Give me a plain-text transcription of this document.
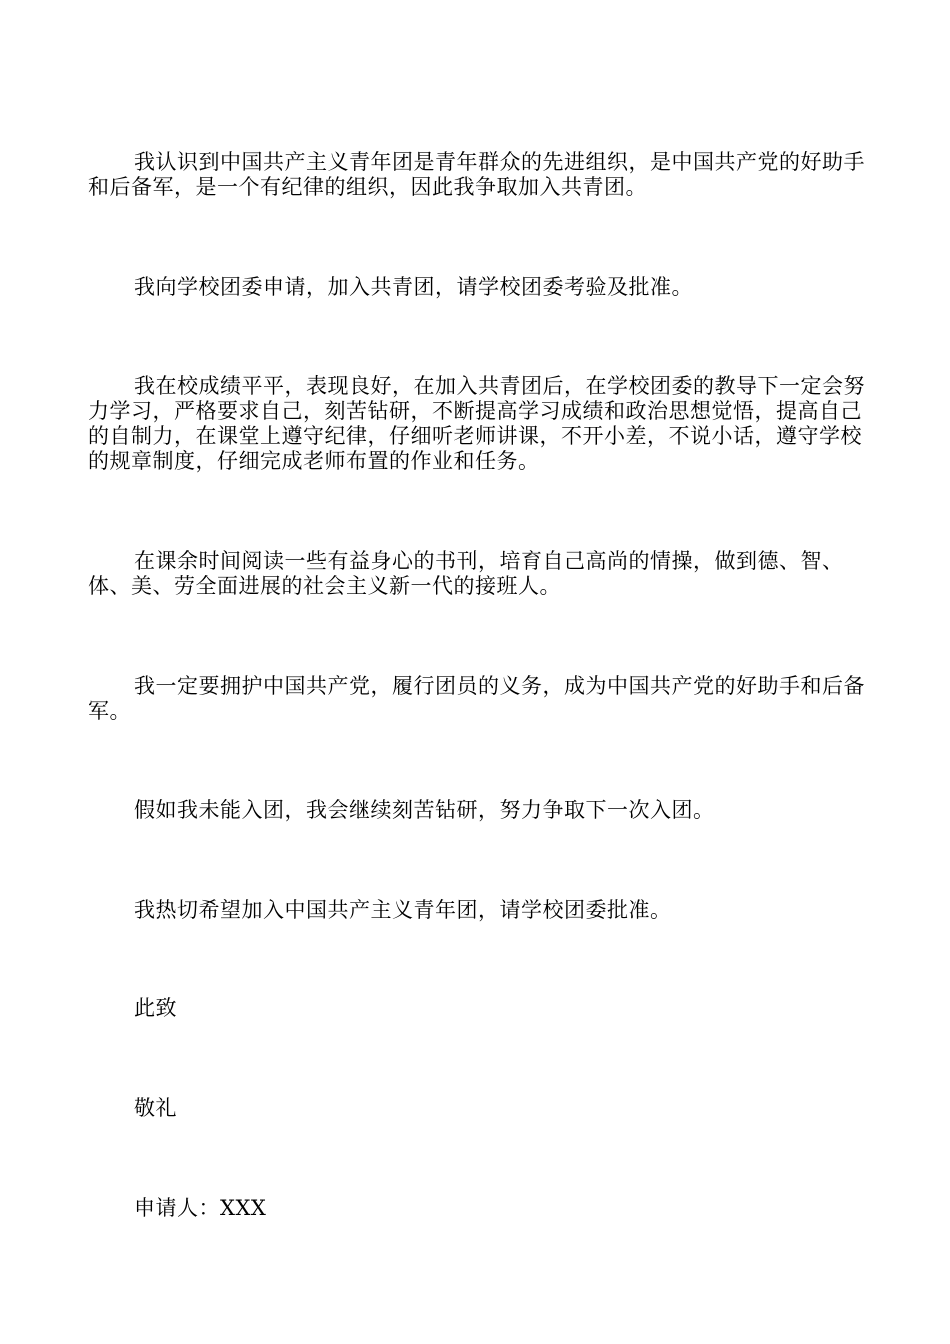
我认识到中国共产主义青年团是青年群众的先进组织，是中国共产党的好助手和后备军，是一个有纪律的组织，因此我争取加入共青团。

我向学校团委申请，加入共青团，请学校团委考验及批准。

我在校成绩平平，表现良好，在加入共青团后，在学校团委的教导下一定会努力学习，严格要求自己，刻苦钻研，不断提高学习成绩和政治思想觉悟，提高自己的自制力，在课堂上遵守纪律，仔细听老师讲课，不开小差，不说小话，遵守学校的规章制度，仔细完成老师布置的作业和任务。

在课余时间阅读一些有益身心的书刊，培育自己高尚的情操，做到德、智、体、美、劳全面进展的社会主义新一代的接班人。

我一定要拥护中国共产党，履行团员的义务，成为中国共产党的好助手和后备军。

假如我未能入团，我会继续刻苦钻研，努力争取下一次入团。

我热切希望加入中国共产主义青年团，请学校团委批准。

此致

敬礼

申请人：XXX
